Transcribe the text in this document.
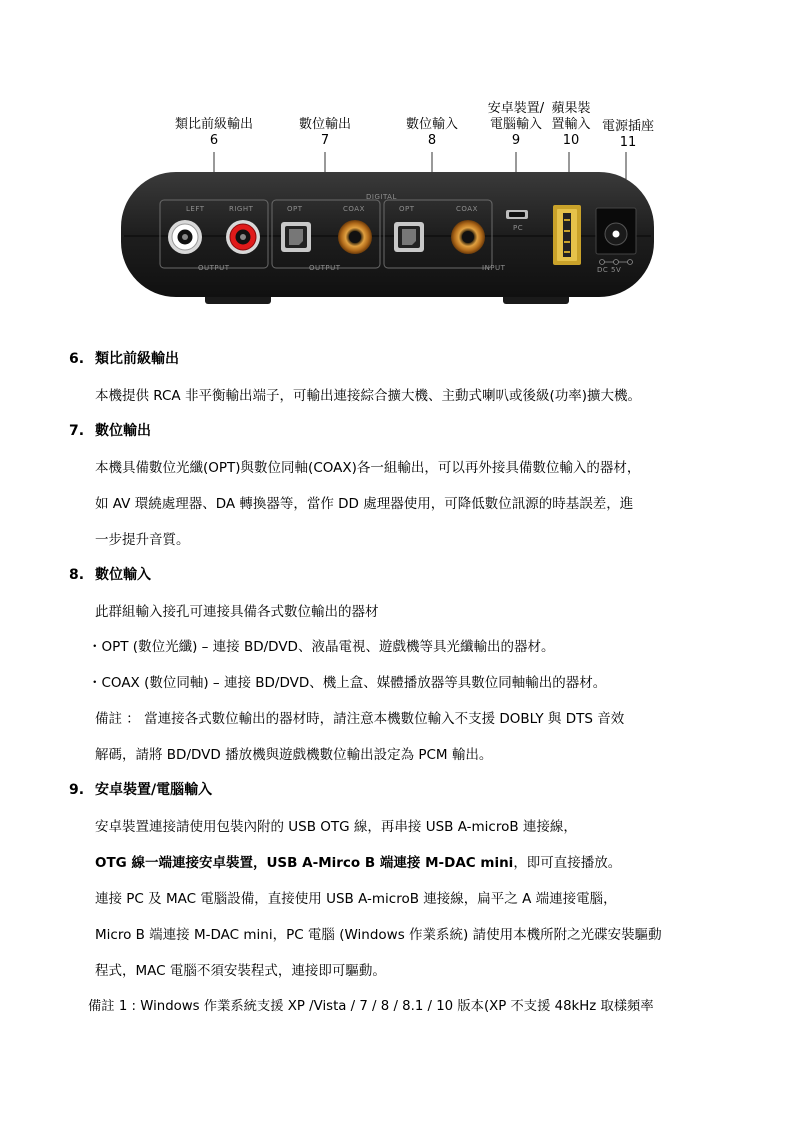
LEFT	RIGHT
OUTPUT
DIGITAL
OPT	COAX
OUTPUT
OPT	COAX
INPUT
PC
DC 5V
類比前級輸出
6
數位輸出
7
數位輸入
8
安卓裝置/
電腦輸入
9
蘋果裝
置輸入
10
電源插座
11
6. 類比前級輸出
本機提供 RCA 非平衡輸出端子，可輸出連接綜合擴大機、主動式喇叭或後級(功率)擴大機。
7. 數位輸出
本機具備數位光纖(OPT)與數位同軸(COAX)各一組輸出，可以再外接具備數位輸入的器材，
如 AV 環繞處理器、DA 轉換器等，當作 DD 處理器使用，可降低數位訊源的時基誤差，進
一步提升音質。
8. 數位輸入
此群組輸入接孔可連接具備各式數位輸出的器材
・OPT (數位光纖) – 連接 BD/DVD、液晶電視、遊戲機等具光纖輸出的器材。
・COAX (數位同軸) – 連接 BD/DVD、機上盒、媒體播放器等具數位同軸輸出的器材。
備註 ： 當連接各式數位輸出的器材時，請注意本機數位輸入不支援 DOBLY 與 DTS 音效
解碼，請將 BD/DVD 播放機與遊戲機數位輸出設定為 PCM 輸出。
9. 安卓裝置/電腦輸入
安卓裝置連接請使用包裝內附的 USB OTG 線，再串接 USB A-microB 連接線，
OTG 線一端連接安卓裝置，USB A-Mirco B 端連接 M-DAC mini，即可直接播放。
連接 PC 及 MAC 電腦設備，直接使用 USB A-microB 連接線，扁平之 A 端連接電腦，
Micro B 端連接 M-DAC mini，PC 電腦 (Windows 作業系統) 請使用本機所附之光碟安裝驅動
程式，MAC 電腦不須安裝程式，連接即可驅動。
備註 1 : Windows 作業系統支援 XP /Vista / 7 / 8 / 8.1 / 10 版本(XP 不支援 48kHz 取樣頻率
